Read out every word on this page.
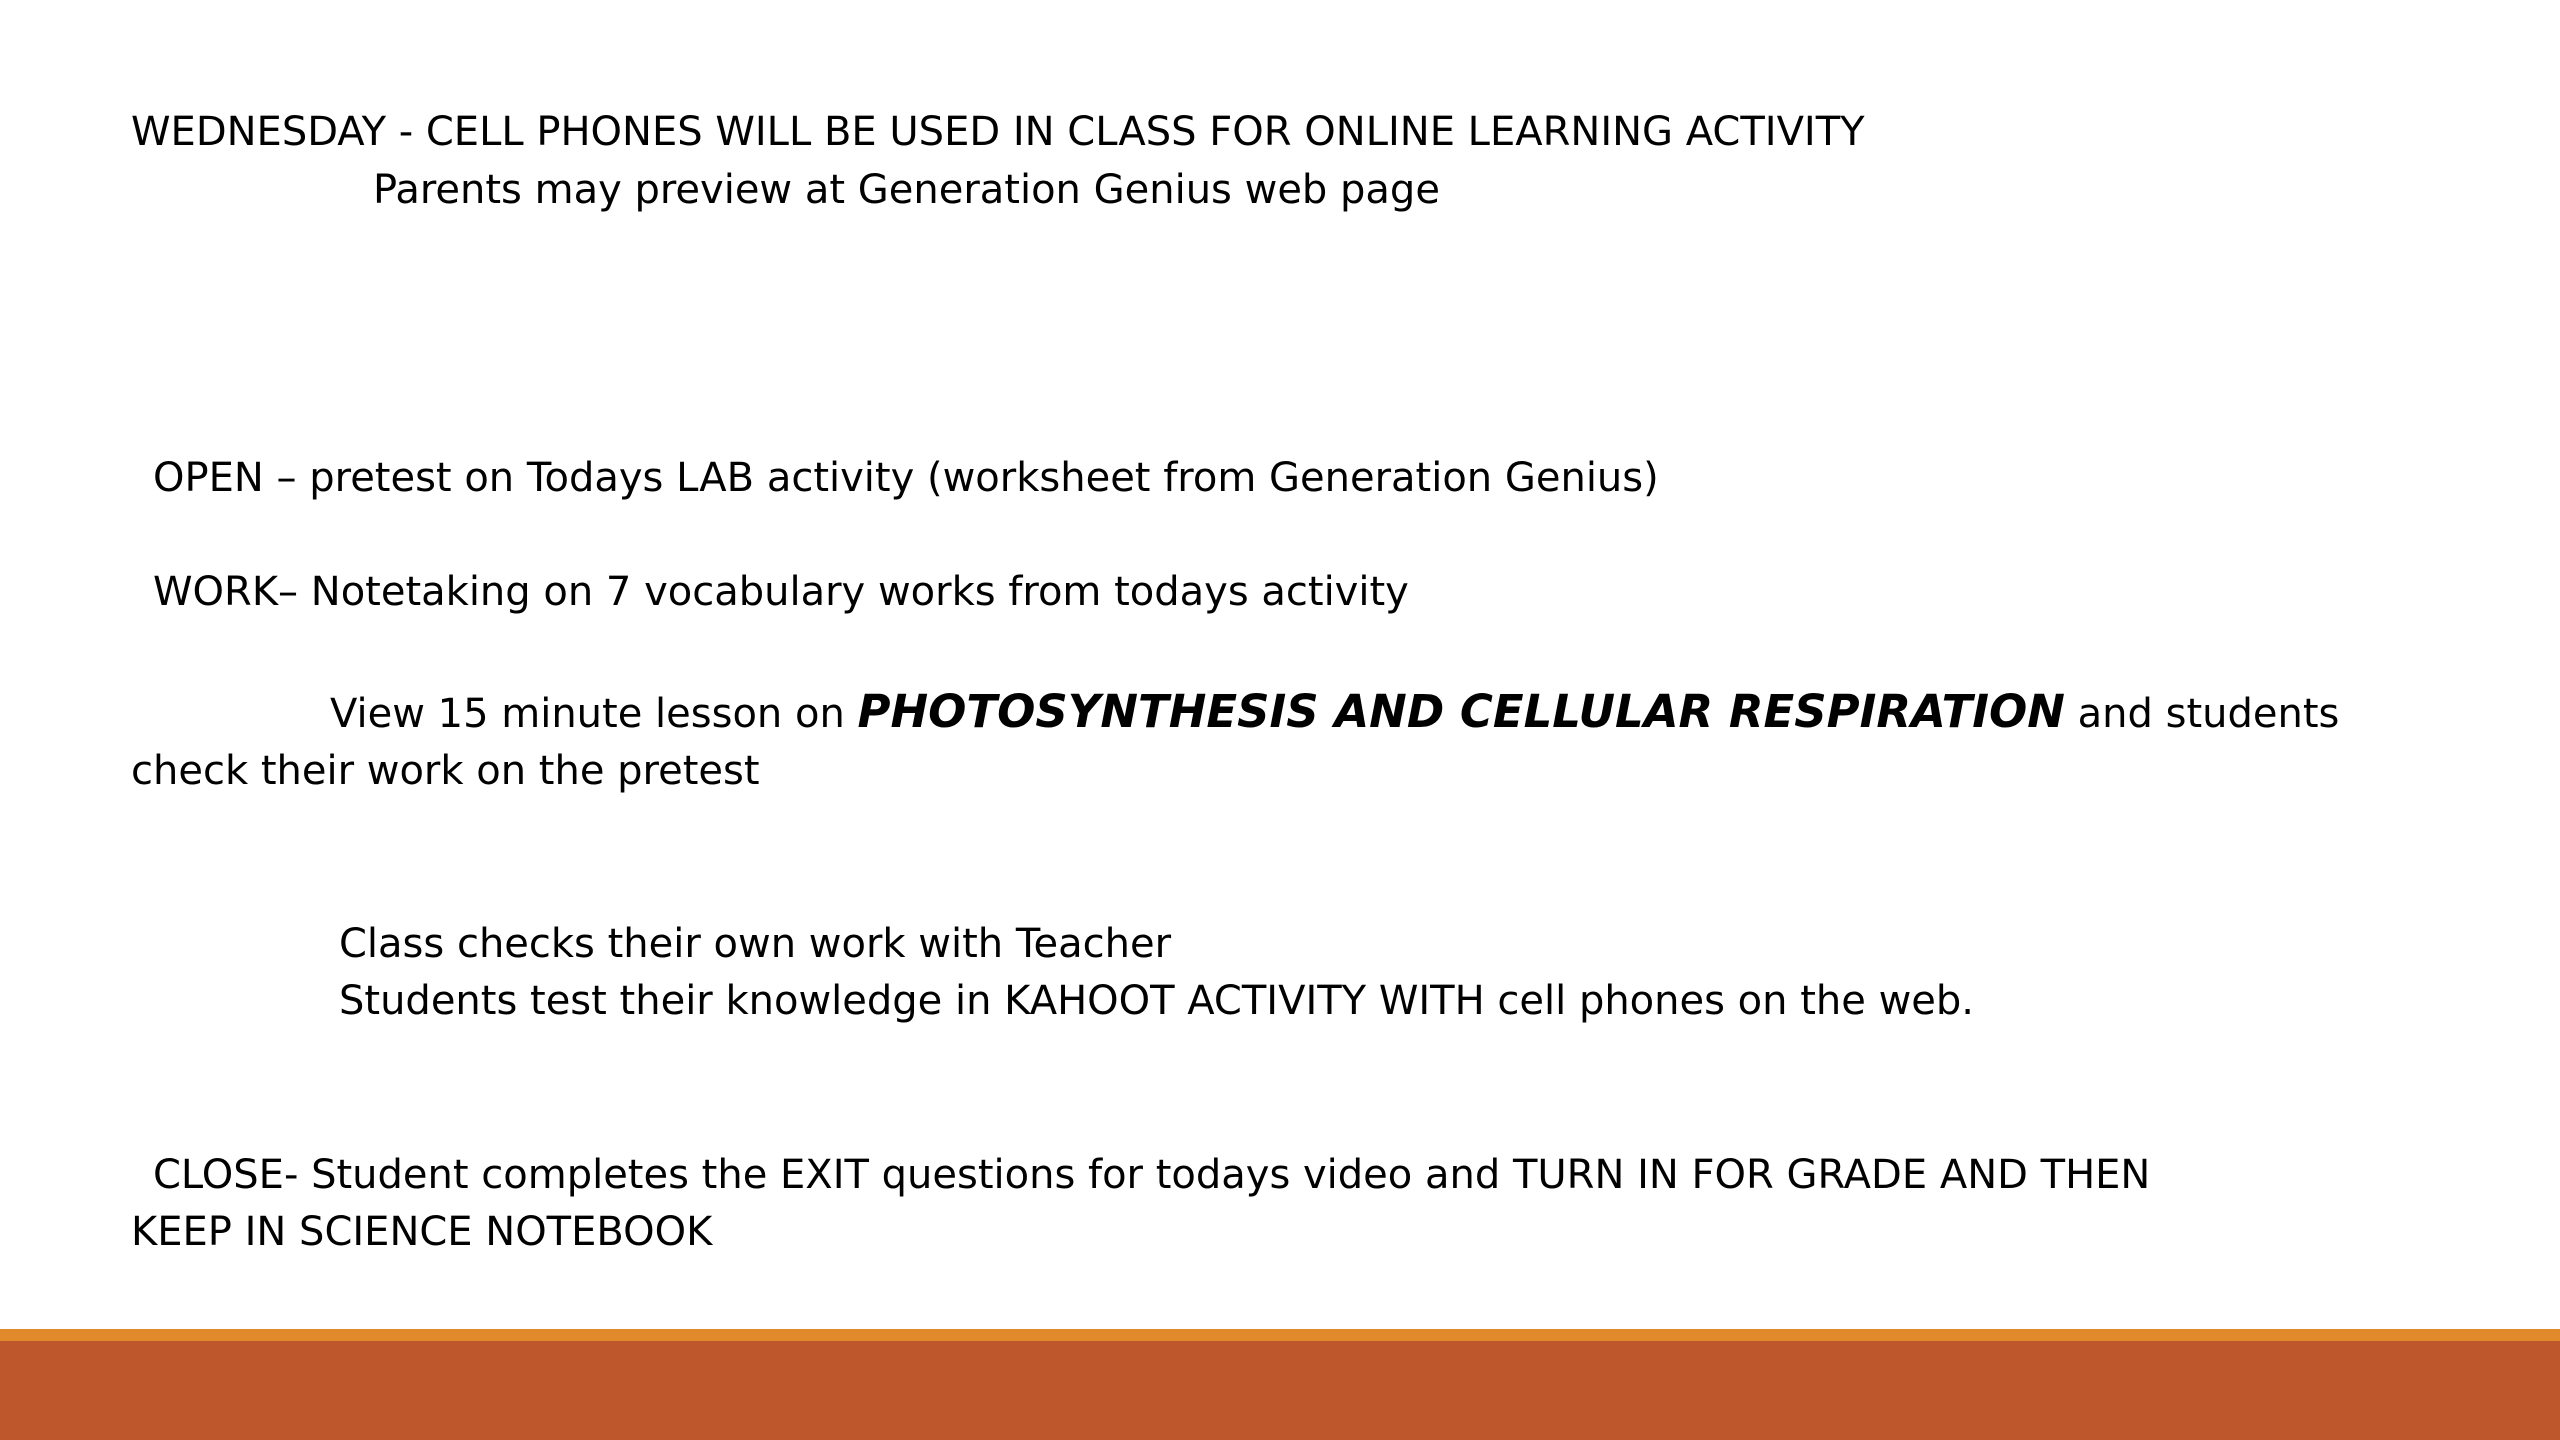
WEDNESDAY - CELL PHONES WILL BE USED IN CLASS FOR ONLINE LEARNING ACTIVITY
Parents may preview at Generation Genius web page
OPEN – pretest on Todays LAB activity (worksheet from Generation Genius)
WORK– Notetaking on 7 vocabulary works from todays activity
View 15 minute lesson on PHOTOSYNTHESIS AND CELLULAR RESPIRATION and students
check their work on the pretest
Class checks their own work with Teacher
Students test their knowledge in KAHOOT ACTIVITY WITH cell phones on the web.
CLOSE- Student completes the EXIT questions for todays video and TURN IN FOR GRADE AND THEN
KEEP IN SCIENCE NOTEBOOK
